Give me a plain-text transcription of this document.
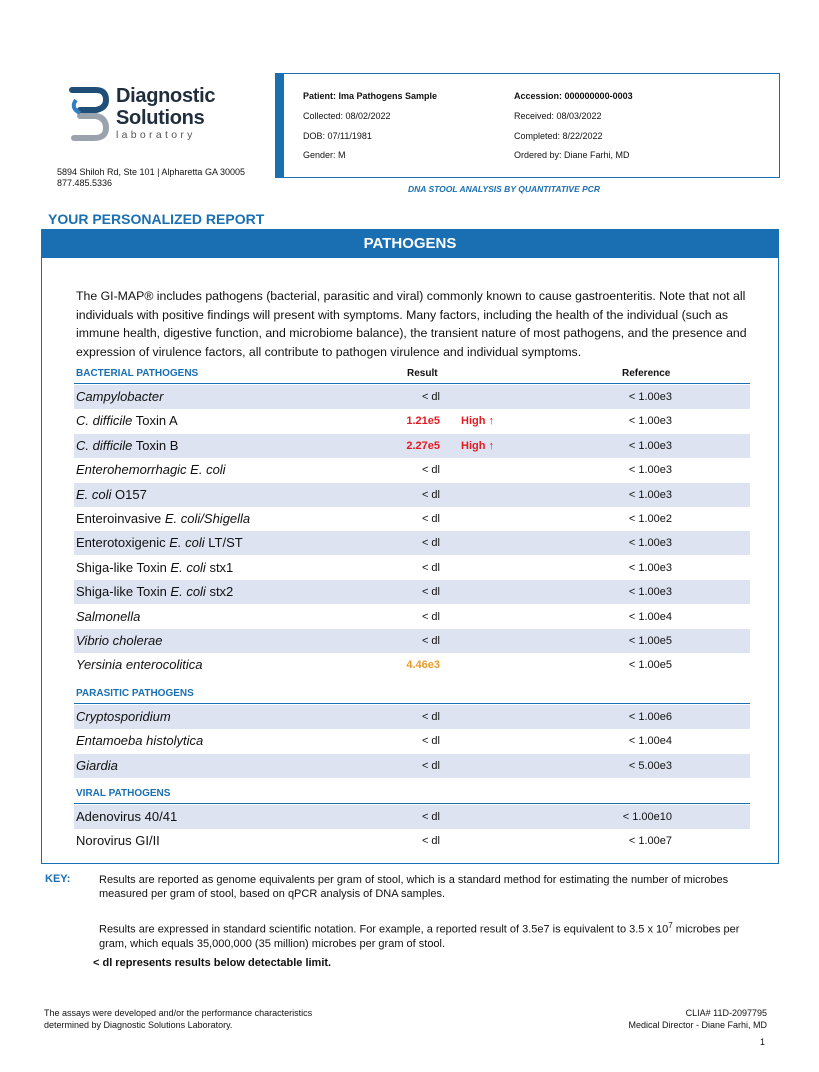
Diagnostic
Solutions
laboratory
5894 Shiloh Rd, Ste 101 | Alpharetta GA 30005
877.485.5336
Patient: Ima Pathogens Sample
Collected: 08/02/2022
DOB: 07/11/1981
Gender: M
Accession: 000000000-0003
Received: 08/03/2022
Completed: 8/22/2022
Ordered by: Diane Farhi, MD
DNA STOOL ANALYSIS BY QUANTITATIVE PCR
YOUR PERSONALIZED REPORT
PATHOGENS
The GI-MAP® includes pathogens (bacterial, parasitic and viral) commonly known to cause gastroenteritis. Note that not all individuals with positive findings will present with symptoms. Many factors, including the health of the individual (such as immune health, digestive function, and microbiome balance), the transient nature of most pathogens, and the presence and expression of virulence factors, all contribute to pathogen virulence and individual symptoms.
BACTERIAL PATHOGENS	Result	Reference
Campylobacter	< dl	< 1.00e3
C. difficile Toxin A	1.21e5 High ↑	< 1.00e3
C. difficile Toxin B	2.27e5 High ↑	< 1.00e3
Enterohemorrhagic E. coli	< dl	< 1.00e3
E. coli O157	< dl	< 1.00e3
Enteroinvasive E. coli/Shigella	< dl	< 1.00e2
Enterotoxigenic E. coli LT/ST	< dl	< 1.00e3
Shiga-like Toxin E. coli stx1	< dl	< 1.00e3
Shiga-like Toxin E. coli stx2	< dl	< 1.00e3
Salmonella	< dl	< 1.00e4
Vibrio cholerae	< dl	< 1.00e5
Yersinia enterocolitica	4.46e3	< 1.00e5
PARASITIC PATHOGENS
Cryptosporidium	< dl	< 1.00e6
Entamoeba histolytica	< dl	< 1.00e4
Giardia	< dl	< 5.00e3
VIRAL PATHOGENS
Adenovirus 40/41	< dl	< 1.00e10
Norovirus GI/II	< dl	< 1.00e7
KEY:	Results are reported as genome equivalents per gram of stool, which is a standard method for estimating the number of microbes measured per gram of stool, based on qPCR analysis of DNA samples.
Results are expressed in standard scientific notation. For example, a reported result of 3.5e7 is equivalent to 3.5 x $10^7$ microbes per gram, which equals 35,000,000 (35 million) microbes per gram of stool.
< dl represents results below detectable limit.
The assays were developed and/or the performance characteristics
determined by Diagnostic Solutions Laboratory.
CLIA# 11D-2097795
Medical Director - Diane Farhi, MD
1
